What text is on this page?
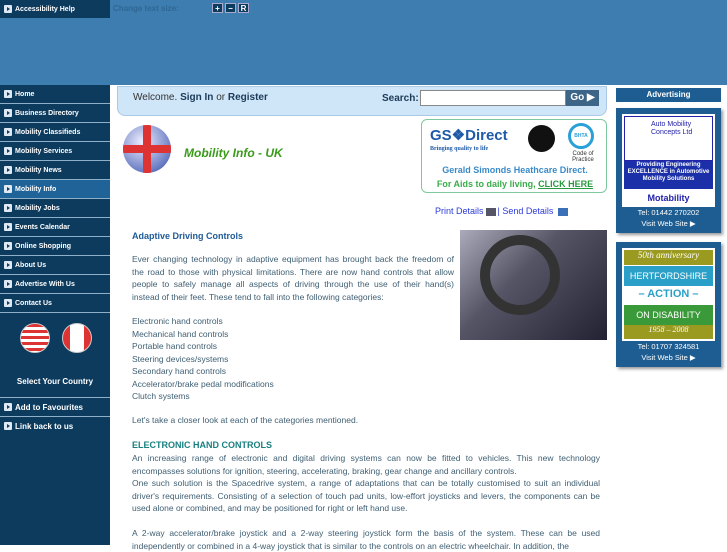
Accessibility Help	Change text size:	+	− R
Home
Business Directory
Mobility Classifieds
Mobility Services
Mobility News
Mobility Info
Mobility Jobs
Events Calendar
Online Shopping
About Us
Advertise With Us
Contact Us
Select Your Country
Add to Favourites
Link back to us
Welcome. Sign In or Register	Search:	Go ▶
Mobility Info - UK
GS❖Direct
Bringing quality to life
BHTA
Code of Practice
Gerald Simonds Heathcare Direct.
For Aids to daily living, CLICK HERE
Print Details | Send Details
Adaptive Driving Controls
Ever changing technology in adaptive equipment has brought back the freedom of the road to those with physical limitations. There are now hand controls that allow people to safely manage all aspects of driving through the use of their hand(s) instead of their feet. These tend to fall into the following categories:
Electronic hand controls
Mechanical hand controls
Portable hand controls
Steering devices/systems
Secondary hand controls
Accelerator/brake pedal modifications
Clutch systems
Let's take a closer look at each of the categories mentioned.
ELECTRONIC HAND CONTROLS
An increasing range of electronic and digital driving systems can now be fitted to vehicles. This new technology encompasses solutions for ignition, steering, accelerating, braking, gear change and ancillary controls.
One such solution is the Spacedrive system, a range of adaptations that can be totally customised to suit an individual driver's requirements. Consisting of a selection of touch pad units, low-effort joysticks and levers, the components can be used alone or combined, and may be positioned for right or left hand use.
A 2-way accelerator/brake joystick and a 2-way steering joystick form the basis of the system. These can be used independently or combined in a 4-way joystick that is similar to the controls on an electric wheelchair. In addition, the
Advertising
Auto Mobility Concepts Ltd
Providing Engineering EXCELLENCE in Automotive Mobility Solutions
Motability
Tel: 01442 270202
Visit Web Site ▶
50th anniversary
HERTFORDSHIRE
– ACTION –
ON DISABILITY
1958 – 2008
Tel: 01707 324581
Visit Web Site ▶
